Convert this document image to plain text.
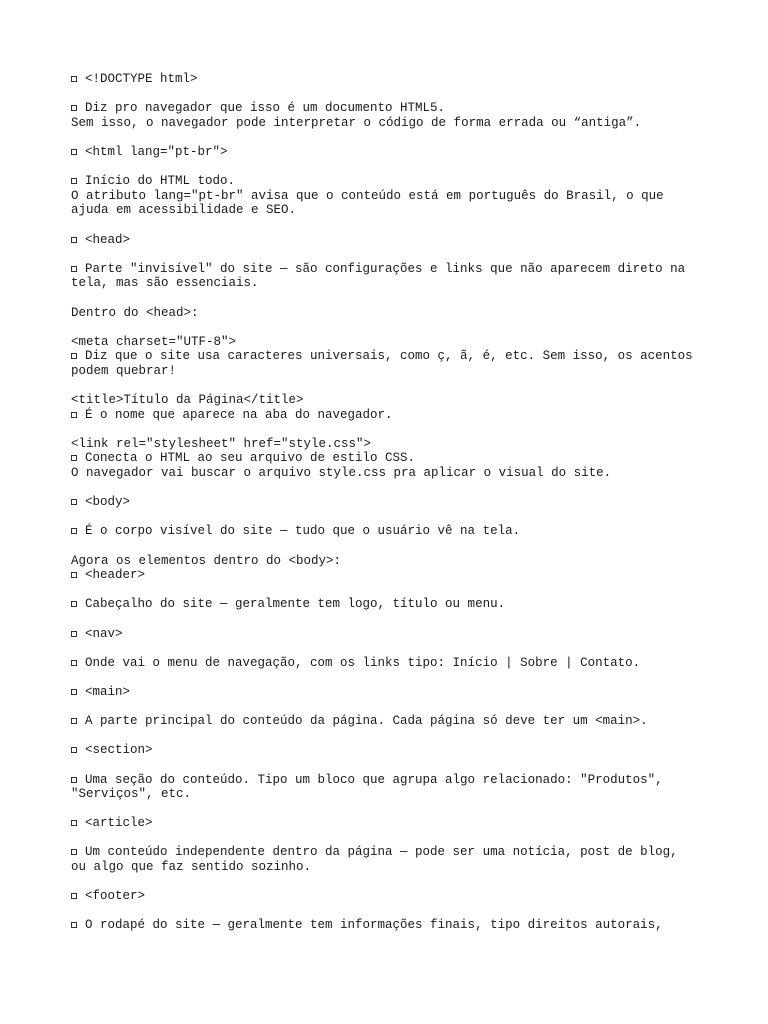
<!DOCTYPE html>
Diz pro navegador que isso é um documento HTML5.
Sem isso, o navegador pode interpretar o código de forma errada ou “antiga”.
<html lang="pt-br">
Início do HTML todo.
O atributo lang="pt-br" avisa que o conteúdo está em português do Brasil, o que
ajuda em acessibilidade e SEO.
<head>
Parte "invisível" do site — são configurações e links que não aparecem direto na
tela, mas são essenciais.
Dentro do <head>:
<meta charset="UTF-8">
Diz que o site usa caracteres universais, como ç, ã, é, etc. Sem isso, os acentos
podem quebrar!
<title>Título da Página</title>
É o nome que aparece na aba do navegador.
<link rel="stylesheet" href="style.css">
Conecta o HTML ao seu arquivo de estilo CSS.
O navegador vai buscar o arquivo style.css pra aplicar o visual do site.
<body>
É o corpo visível do site — tudo que o usuário vê na tela.
Agora os elementos dentro do <body>:
<header>
Cabeçalho do site — geralmente tem logo, título ou menu.
<nav>
Onde vai o menu de navegação, com os links tipo: Início | Sobre | Contato.
<main>
A parte principal do conteúdo da página. Cada página só deve ter um <main>.
<section>
Uma seção do conteúdo. Tipo um bloco que agrupa algo relacionado: "Produtos",
"Serviços", etc.
<article>
Um conteúdo independente dentro da página — pode ser uma notícia, post de blog,
ou algo que faz sentido sozinho.
<footer>
O rodapé do site — geralmente tem informações finais, tipo direitos autorais,
